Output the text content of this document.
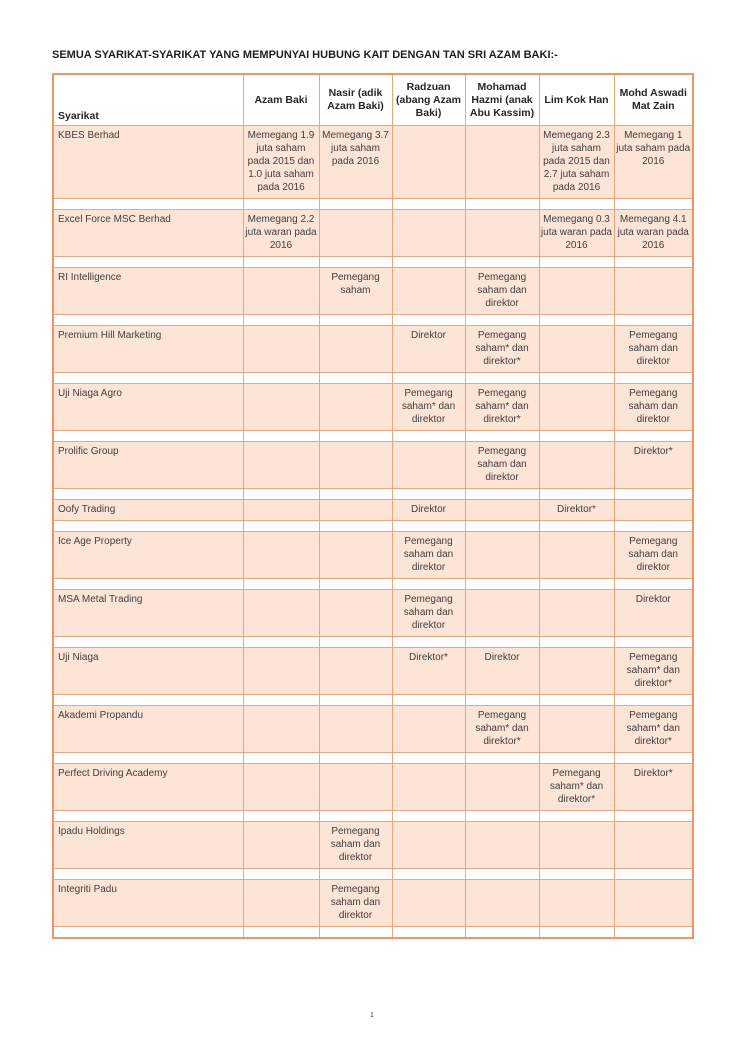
SEMUA SYARIKAT-SYARIKAT YANG MEMPUNYAI HUBUNG KAIT DENGAN TAN SRI AZAM BAKI:-
Syarikat	Azam Baki	Nasir (adik Azam Baki)	Radzuan (abang Azam Baki)	Mohamad Hazmi (anak Abu Kassim)	Lim Kok Han	Mohd Aswadi Mat Zain
KBES Berhad	Memegang 1.9 juta saham pada 2015 dan 1.0 juta saham pada 2016	Memegang 3.7 juta saham pada 2016			Memegang 2.3 juta saham pada 2015 dan 2.7 juta saham pada 2016	Memegang 1 juta saham pada 2016

Excel Force MSC Berhad	Memegang 2.2 juta waran pada 2016				Memegang 0.3 juta waran pada 2016	Memegang 4.1 juta waran pada 2016

RI Intelligence		Pemegang saham		Pemegang saham dan direktor		

Premium Hill Marketing			Direktor	Pemegang saham* dan direktor*		Pemegang saham dan direktor

Uji Niaga Agro			Pemegang saham* dan direktor	Pemegang saham* dan direktor*		Pemegang saham dan direktor

Prolific Group				Pemegang saham dan direktor		Direktor*

Oofy Trading			Direktor		Direktor*	

Ice Age Property			Pemegang saham dan direktor			Pemegang saham dan direktor

MSA Metal Trading			Pemegang saham dan direktor			Direktor

Uji Niaga			Direktor*	Direktor		Pemegang saham* dan direktor*

Akademi Propandu				Pemegang saham* dan direktor*		Pemegang saham* dan direktor*

Perfect Driving Academy					Pemegang saham* dan direktor*	Direktor*

Ipadu Holdings		Pemegang saham dan direktor				

Integriti Padu		Pemegang saham dan direktor				

1
